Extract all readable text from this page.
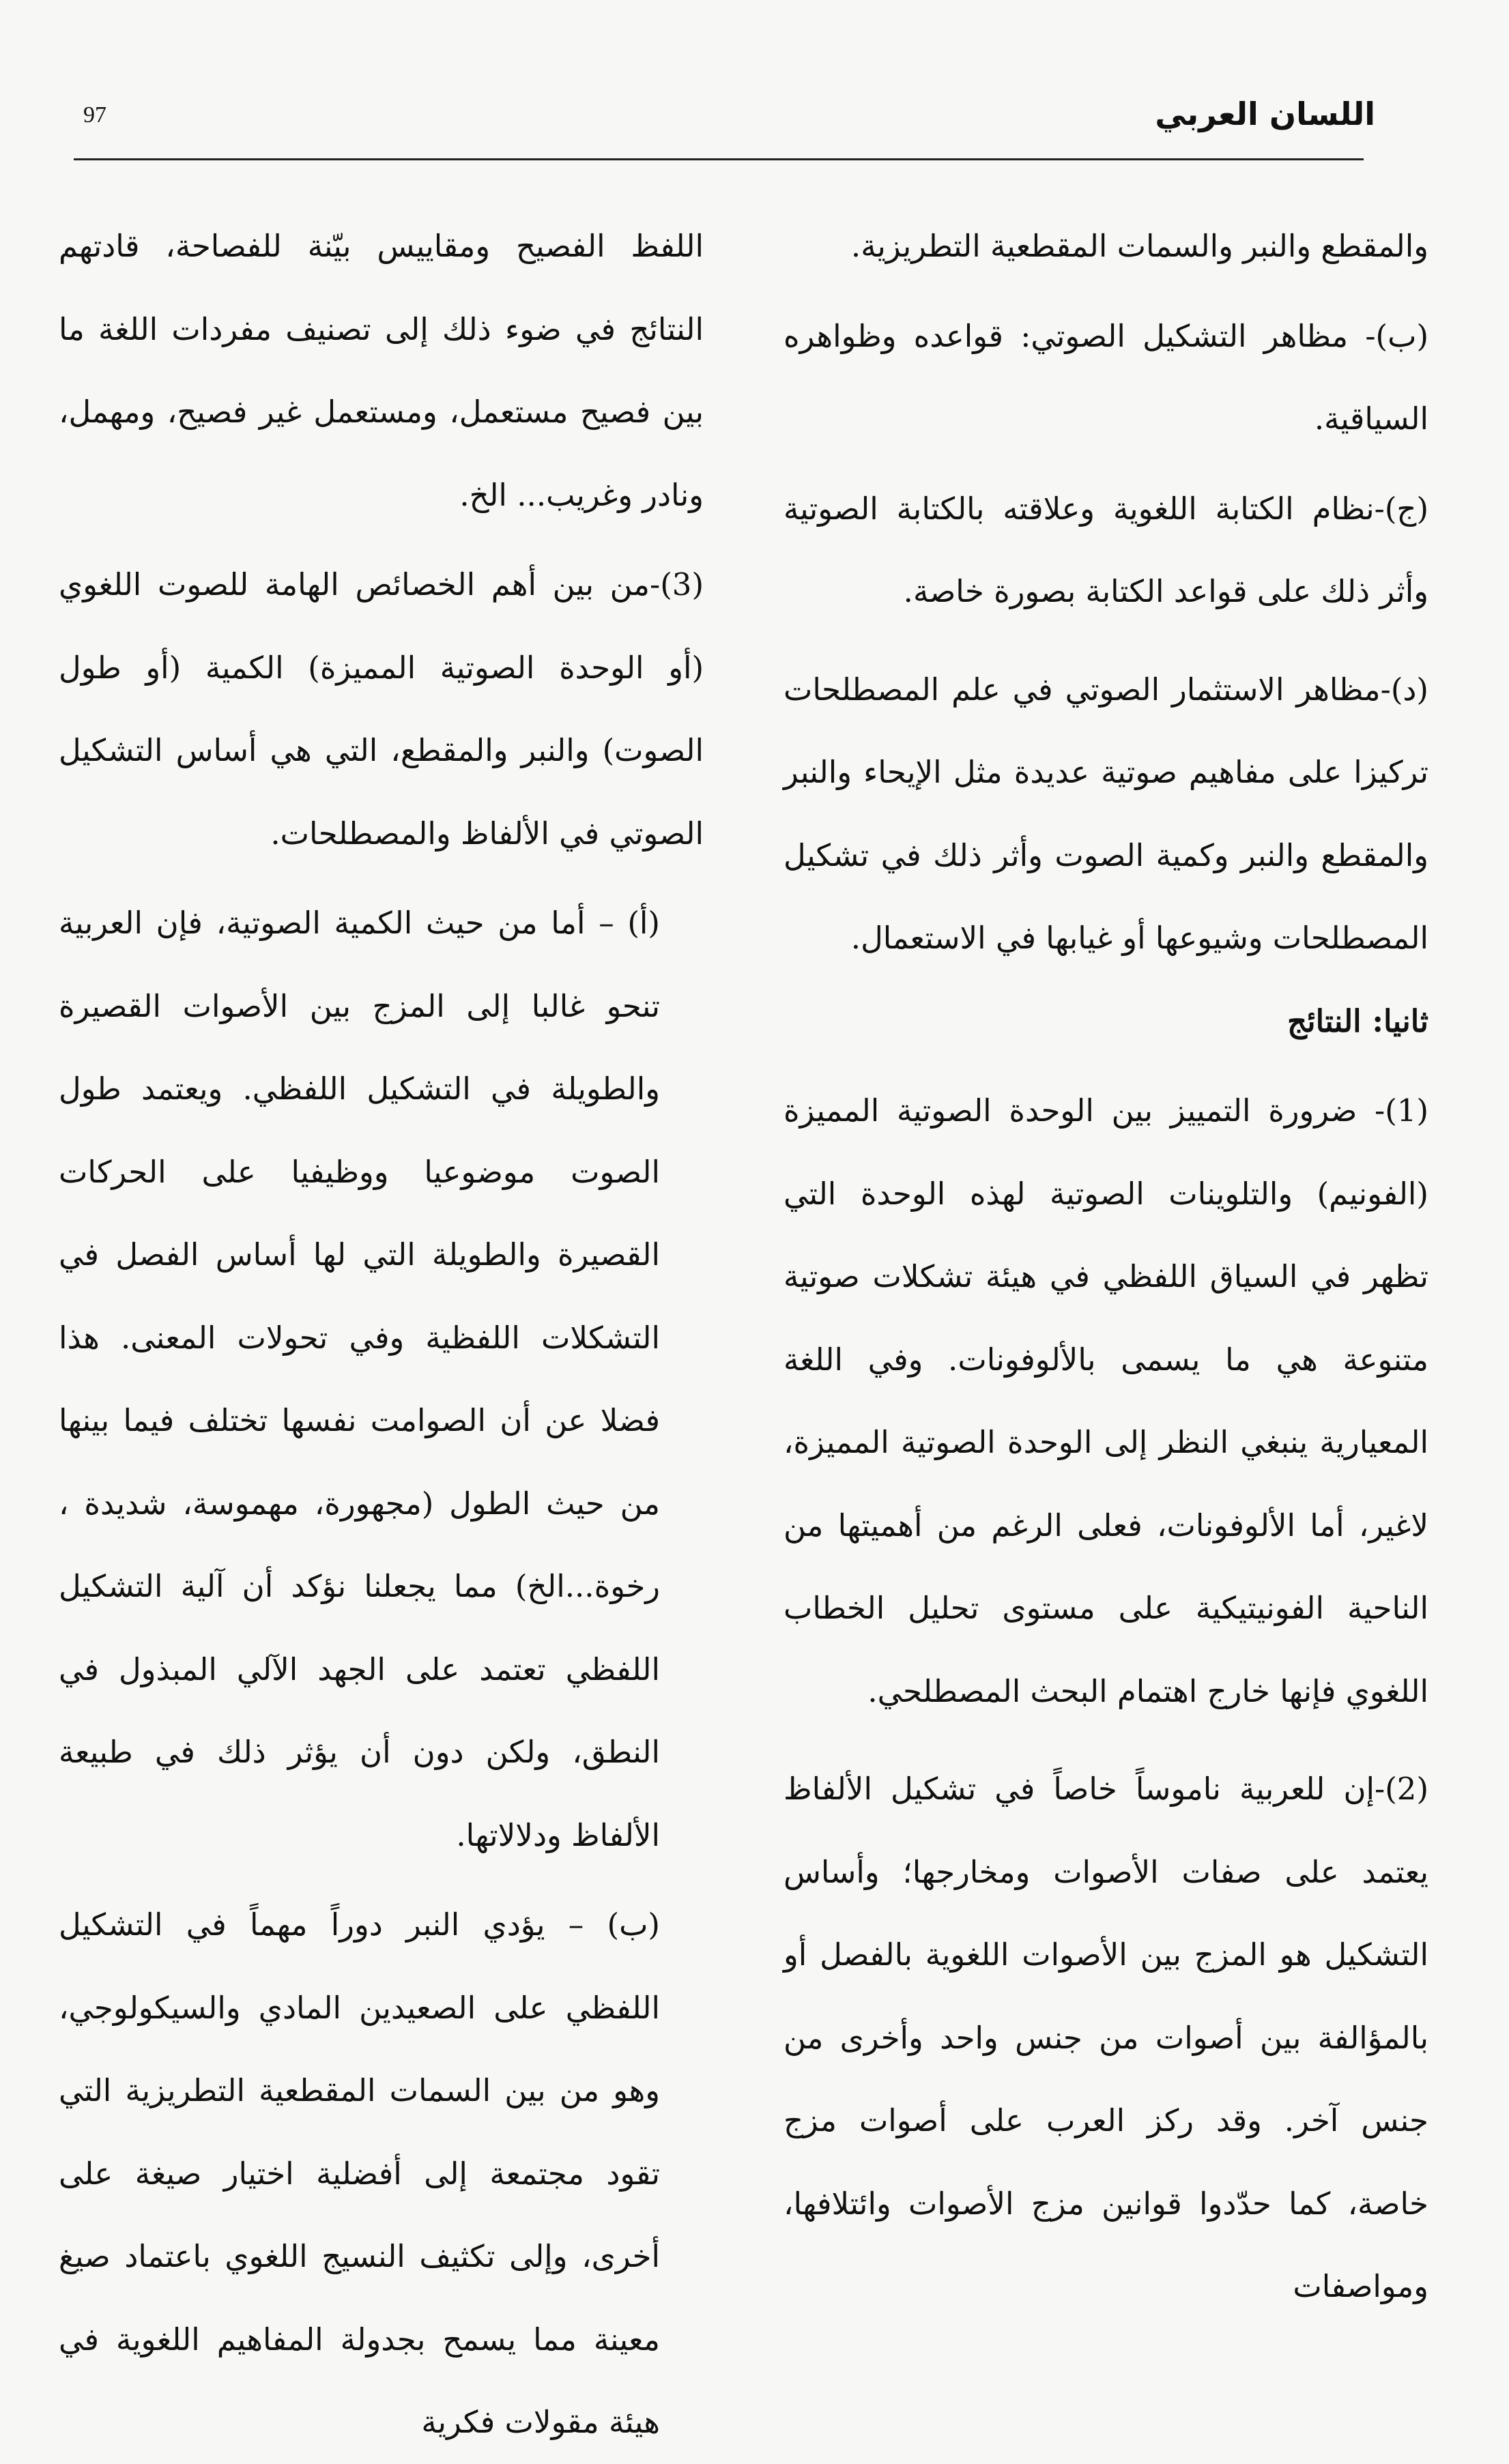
97	اللسان العربي

والمقطع والنبر والسمات المقطعية التطريزية.

(ب)- مظاهر التشكيل الصوتي: قواعده وظواهره السياقية.

(ج)-نظام الكتابة اللغوية وعلاقته بالكتابة الصوتية وأثر ذلك على قواعد الكتابة بصورة خاصة.

(د)-مظاهر الاستثمار الصوتي في علم المصطلحات تركيزا على مفاهيم صوتية عديدة مثل الإيحاء والنبر والمقطع والنبر وكمية الصوت وأثر ذلك في تشكيل المصطلحات وشيوعها أو غيابها في الاستعمال.

ثانيا: النتائج

(1)- ضرورة التمييز بين الوحدة الصوتية المميزة (الفونيم) والتلوينات الصوتية لهذه الوحدة التي تظهر في السياق اللفظي في هيئة تشكلات صوتية متنوعة هي ما يسمى بالألوفونات. وفي اللغة المعيارية ينبغي النظر إلى الوحدة الصوتية المميزة، لاغير، أما الألوفونات، فعلى الرغم من أهميتها من الناحية الفونيتيكية على مستوى تحليل الخطاب اللغوي فإنها خارج اهتمام البحث المصطلحي.

(2)-إن للعربية ناموساً خاصاً في تشكيل الألفاظ يعتمد على صفات الأصوات ومخارجها؛ وأساس التشكيل هو المزج بين الأصوات اللغوية بالفصل أو بالمؤالفة بين أصوات من جنس واحد وأخرى من جنس آخر. وقد ركز العرب على أصوات مزج خاصة، كما حدّدوا قوانين مزج الأصوات وائتلافها، ومواصفات

اللفظ الفصيح ومقاييس بيّنة للفصاحة، قادتهم النتائج في ضوء ذلك إلى تصنيف مفردات اللغة ما بين فصيح مستعمل، ومستعمل غير فصيح، ومهمل، ونادر وغريب... الخ.

(3)-من بين أهم الخصائص الهامة للصوت اللغوي (أو الوحدة الصوتية المميزة) الكمية (أو طول الصوت) والنبر والمقطع، التي هي أساس التشكيل الصوتي في الألفاظ والمصطلحات.

(أ) – أما من حيث الكمية الصوتية، فإن العربية تنحو غالبا إلى المزج بين الأصوات القصيرة والطويلة في التشكيل اللفظي. ويعتمد طول الصوت موضوعيا ووظيفيا على الحركات القصيرة والطويلة التي لها أساس الفصل في التشكلات اللفظية وفي تحولات المعنى. هذا فضلا عن أن الصوامت نفسها تختلف فيما بينها من حيث الطول (مجهورة، مهموسة، شديدة ، رخوة...الخ) مما يجعلنا نؤكد أن آلية التشكيل اللفظي تعتمد على الجهد الآلي المبذول في النطق، ولكن دون أن يؤثر ذلك في طبيعة الألفاظ ودلالاتها.

(ب) – يؤدي النبر دوراً مهماً في التشكيل اللفظي على الصعيدين المادي والسيكولوجي، وهو من بين السمات المقطعية التطريزية التي تقود مجتمعة إلى أفضلية اختيار صيغة على أخرى، وإلى تكثيف النسيج اللغوي باعتماد صيغ معينة مما يسمح بجدولة المفاهيم اللغوية في هيئة مقولات فكرية
